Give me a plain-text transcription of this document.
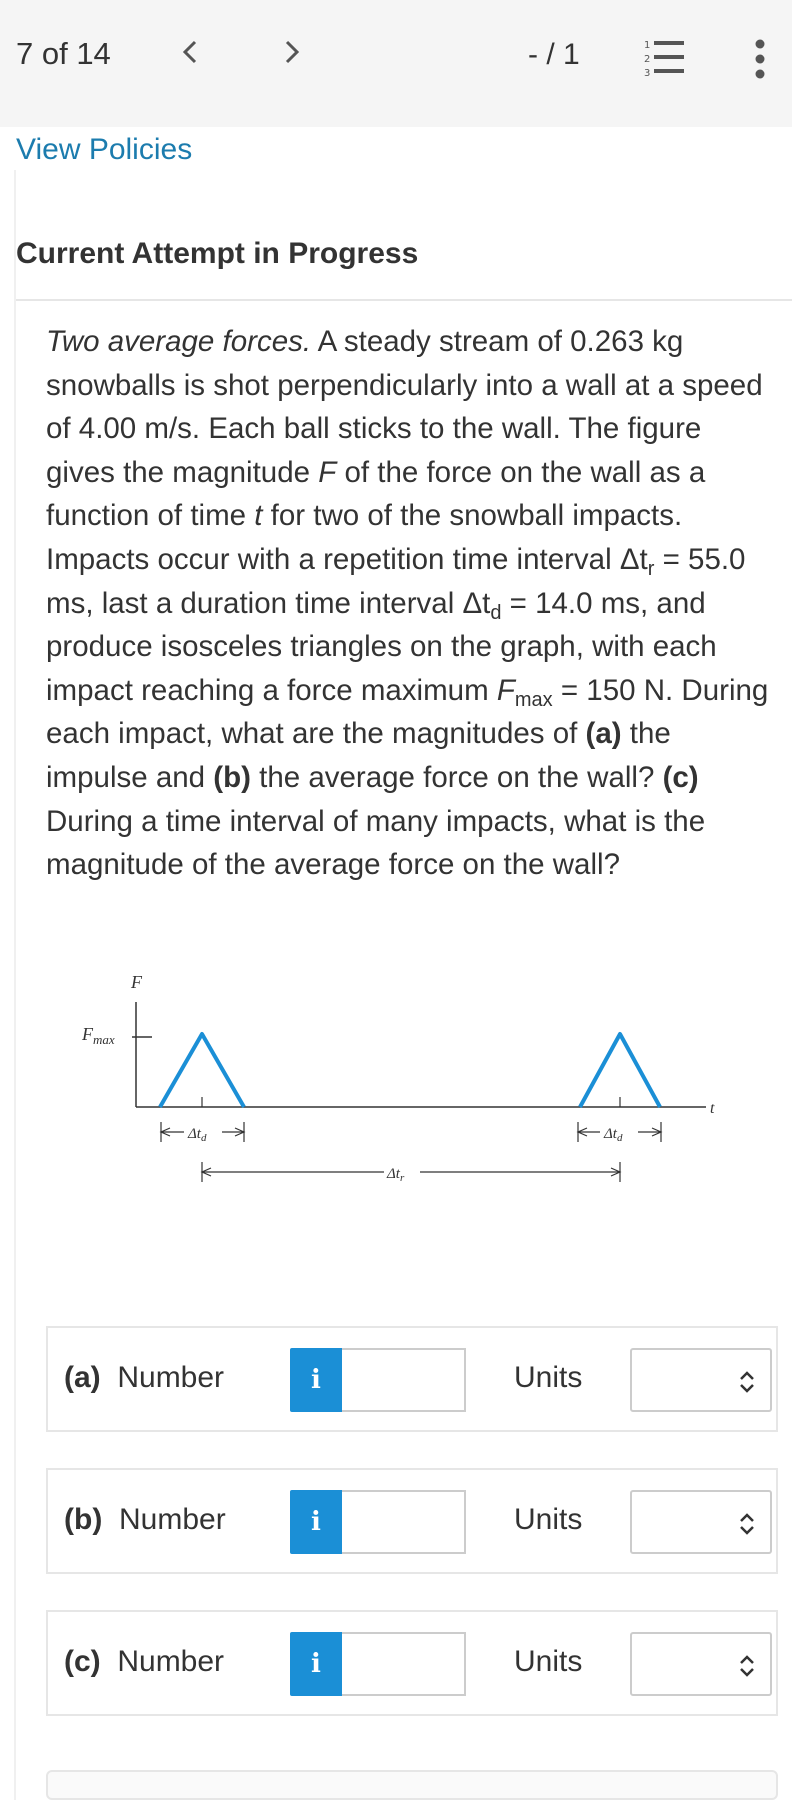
7 of 14	- / 1	1
2
3
View Policies
Current Attempt in Progress
Two average forces. A steady stream of 0.263 kg snowballs is shot perpendicularly into a wall at a speed of 4.00 m/s. Each ball sticks to the wall. The figure gives the magnitude F of the force on the wall as a function of time t for two of the snowball impacts. Impacts occur with a repetition time interval $\Delta t_r = 55.0$ ms, last a duration time interval $\Delta t_d = 14.0$ ms, and produce isosceles triangles on the graph, with each impact reaching a force maximum $F_{max} = 150$ N. During each impact, what are the magnitudes of (a) the impulse and (b) the average force on the wall? (c) During a time interval of many impacts, what is the magnitude of the average force on the wall?
F
$F_{max}$
t
$\Delta t_d$	$\Delta t_d$
$\Delta t_r$
(a) Number	i	Units
(b) Number	i	Units
(c) Number	i	Units
